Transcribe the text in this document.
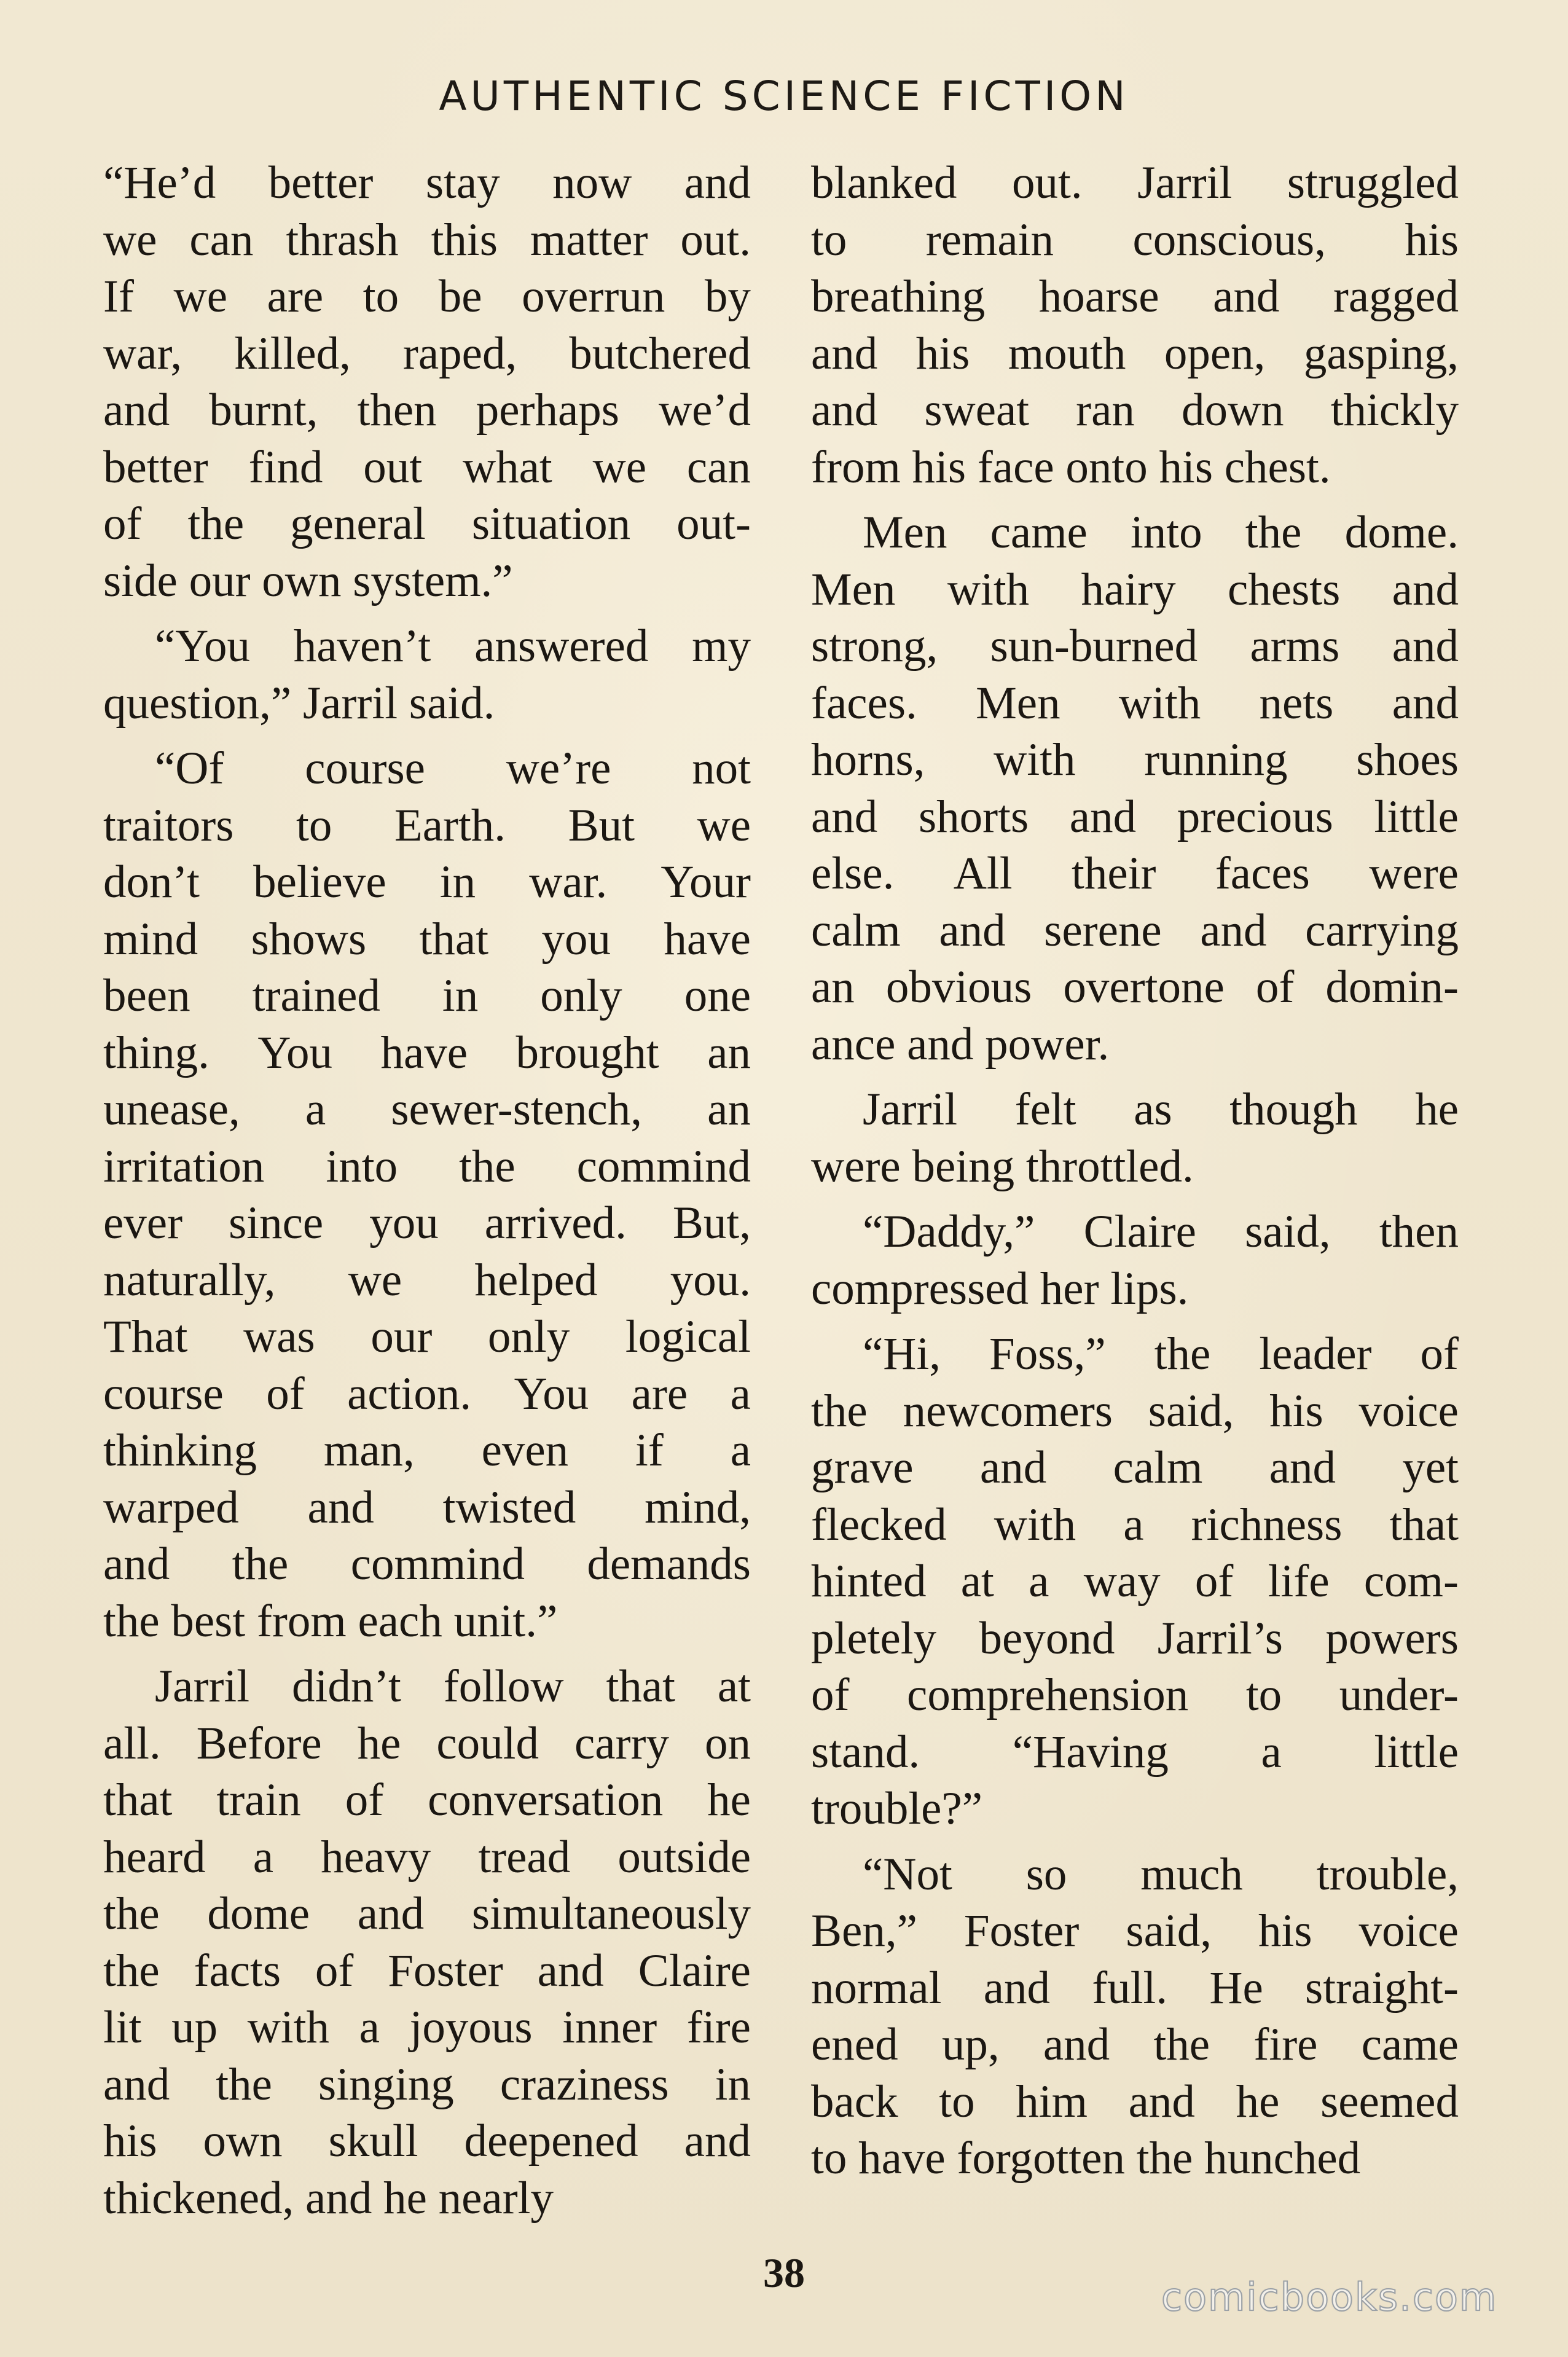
AUTHENTIC SCIENCE FICTION
“He’d better stay now and
we can thrash this matter out.
If we are to be overrun by
war, killed, raped, butchered
and burnt, then perhaps we’d
better find out what we can
of the general situation out-
side our own system.”
“You haven’t answered my
question,” Jarril said.
“Of course we’re not
traitors to Earth. But we
don’t believe in war. Your
mind shows that you have
been trained in only one
thing. You have brought an
unease, a sewer-stench, an
irritation into the commind
ever since you arrived. But,
naturally, we helped you.
That was our only logical
course of action. You are a
thinking man, even if a
warped and twisted mind,
and the commind demands
the best from each unit.”
Jarril didn’t follow that at
all. Before he could carry on
that train of conversation he
heard a heavy tread outside
the dome and simultaneously
the facts of Foster and Claire
lit up with a joyous inner fire
and the singing craziness in
his own skull deepened and
thickened, and he nearly
blanked out. Jarril struggled
to remain conscious, his
breathing hoarse and ragged
and his mouth open, gasping,
and sweat ran down thickly
from his face onto his chest.
Men came into the dome.
Men with hairy chests and
strong, sun-burned arms and
faces. Men with nets and
horns, with running shoes
and shorts and precious little
else. All their faces were
calm and serene and carrying
an obvious overtone of domin-
ance and power.
Jarril felt as though he
were being throttled.
“Daddy,” Claire said, then
compressed her lips.
“Hi, Foss,” the leader of
the newcomers said, his voice
grave and calm and yet
flecked with a richness that
hinted at a way of life com-
pletely beyond Jarril’s powers
of comprehension to under-
stand. “Having a little
trouble?”
“Not so much trouble,
Ben,” Foster said, his voice
normal and full. He straight-
ened up, and the fire came
back to him and he seemed
to have forgotten the hunched
38
comicbooks.com
